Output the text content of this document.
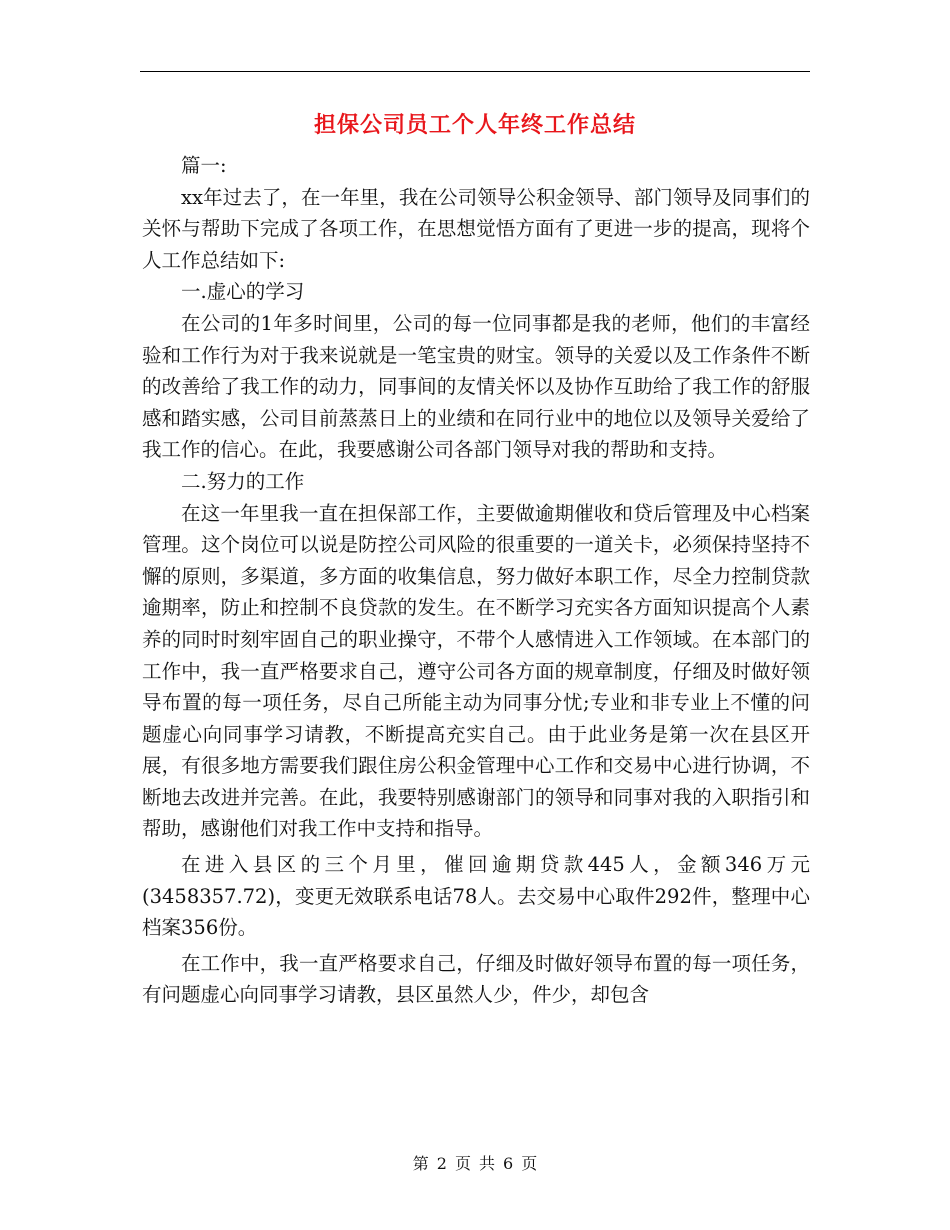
担保公司员工个人年终工作总结

篇一:

xx年过去了，在一年里，我在公司领导公积金领导、部门领导及同事们的关怀与帮助下完成了各项工作，在思想觉悟方面有了更进一步的提高，现将个人工作总结如下:

一.虚心的学习

在公司的1年多时间里，公司的每一位同事都是我的老师，他们的丰富经验和工作行为对于我来说就是一笔宝贵的财宝。领导的关爱以及工作条件不断的改善给了我工作的动力，同事间的友情关怀以及协作互助给了我工作的舒服感和踏实感，公司目前蒸蒸日上的业绩和在同行业中的地位以及领导关爱给了我工作的信心。在此，我要感谢公司各部门领导对我的帮助和支持。

二.努力的工作

在这一年里我一直在担保部工作，主要做逾期催收和贷后管理及中心档案管理。这个岗位可以说是防控公司风险的很重要的一道关卡，必须保持坚持不懈的原则，多渠道，多方面的收集信息，努力做好本职工作，尽全力控制贷款逾期率，防止和控制不良贷款的发生。在不断学习充实各方面知识提高个人素养的同时时刻牢固自己的职业操守，不带个人感情进入工作领域。在本部门的工作中，我一直严格要求自己，遵守公司各方面的规章制度，仔细及时做好领导布置的每一项任务，尽自己所能主动为同事分忧;专业和非专业上不懂的问题虚心向同事学习请教，不断提高充实自己。由于此业务是第一次在县区开展，有很多地方需要我们跟住房公积金管理中心工作和交易中心进行协调，不断地去改进并完善。在此，我要特别感谢部门的领导和同事对我的入职指引和帮助，感谢他们对我工作中支持和指导。

在进入县区的三个月里，催回逾期贷款445人，金额346万元(3458357.72)，变更无效联系电话78人。去交易中心取件292件，整理中心档案356份。

在工作中，我一直严格要求自己，仔细及时做好领导布置的每一项任务，有问题虚心向同事学习请教，县区虽然人少，件少，却包含

第 2 页 共 6 页
